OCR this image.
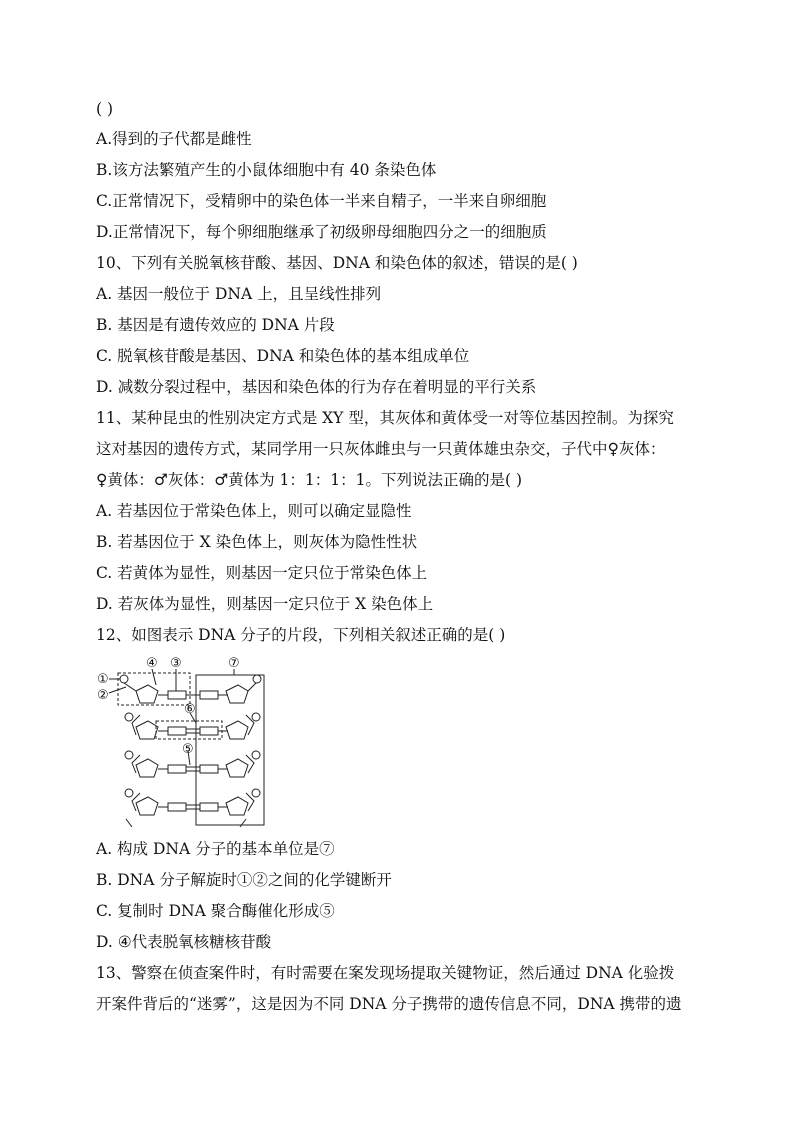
( )
A.得到的子代都是雌性
B.该方法繁殖产生的小鼠体细胞中有 40 条染色体
C.正常情况下，受精卵中的染色体一半来自精子，一半来自卵细胞
D.正常情况下，每个卵细胞继承了初级卵母细胞四分之一的细胞质
10、下列有关脱氧核苷酸、基因、DNA 和染色体的叙述，错误的是( )
A. 基因一般位于 DNA 上，且呈线性排列
B. 基因是有遗传效应的 DNA 片段
C. 脱氧核苷酸是基因、DNA 和染色体的基本组成单位
D. 减数分裂过程中，基因和染色体的行为存在着明显的平行关系
11、某种昆虫的性别决定方式是 XY 型，其灰体和黄体受一对等位基因控制。为探究
这对基因的遗传方式，某同学用一只灰体雌虫与一只黄体雄虫杂交，子代中♀灰体：
♀黄体：♂灰体：♂黄体为 1：1：1：1。下列说法正确的是( )
A. 若基因位于常染色体上，则可以确定显隐性
B. 若基因位于 X 染色体上，则灰体为隐性性状
C. 若黄体为显性，则基因一定只位于常染色体上
D. 若灰体为显性，则基因一定只位于 X 染色体上
12、如图表示 DNA 分子的片段，下列相关叙述正确的是( )
④ ③	⑦
①
②
⑥
⑤
A. 构成 DNA 分子的基本单位是⑦
B. DNA 分子解旋时①②之间的化学键断开
C. 复制时 DNA 聚合酶催化形成⑤
D. ④代表脱氧核糖核苷酸
13、警察在侦查案件时，有时需要在案发现场提取关键物证，然后通过 DNA 化验拨
开案件背后的“迷雾”，这是因为不同 DNA 分子携带的遗传信息不同，DNA 携带的遗
